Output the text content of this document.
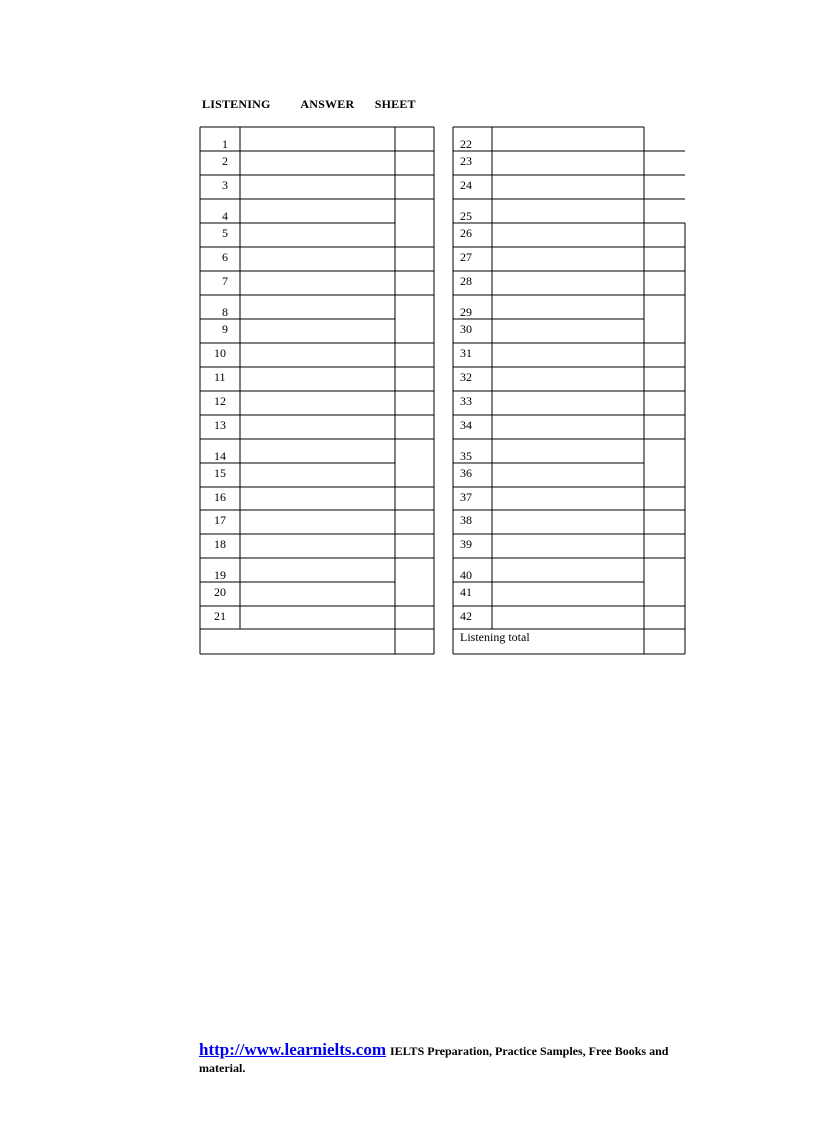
LISTENING   ANSWER  SHEET
1
2
3
4
5
6
7
8
9
10
11
12
13
14
15
16
17
18
19
20
21
22
23
24
25
26
27
28
29
30
31
32
33
34
35
36
37
38
39
40
41
42
Listening total
http://www.learnielts.com IELTS Preparation, Practice Samples, Free Books and material.
